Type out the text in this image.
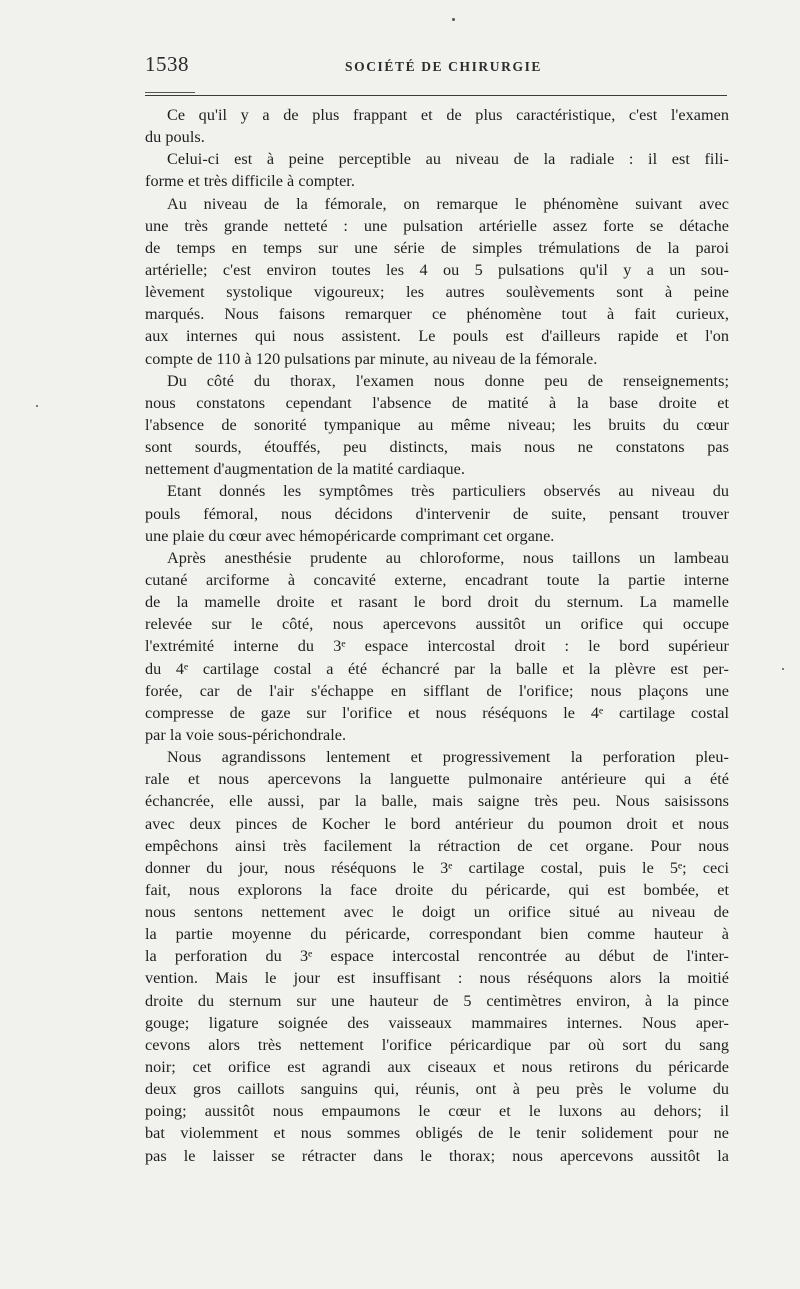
1538	SOCIÉTÉ DE CHIRURGIE
Ce qu'il y a de plus frappant et de plus caractéristique, c'est l'examen
du pouls.
Celui-ci est à peine perceptible au niveau de la radiale : il est fili-
forme et très difficile à compter.
Au niveau de la fémorale, on remarque le phénomène suivant avec
une très grande netteté : une pulsation artérielle assez forte se détache
de temps en temps sur une série de simples trémulations de la paroi
artérielle; c'est environ toutes les 4 ou 5 pulsations qu'il y a un sou-
lèvement systolique vigoureux; les autres soulèvements sont à peine
marqués. Nous faisons remarquer ce phénomène tout à fait curieux,
aux internes qui nous assistent. Le pouls est d'ailleurs rapide et l'on
compte de 110 à 120 pulsations par minute, au niveau de la fémorale.
Du côté du thorax, l'examen nous donne peu de renseignements;
nous constatons cependant l'absence de matité à la base droite et
l'absence de sonorité tympanique au même niveau; les bruits du cœur
sont sourds, étouffés, peu distincts, mais nous ne constatons pas
nettement d'augmentation de la matité cardiaque.
Etant donnés les symptômes très particuliers observés au niveau du
pouls fémoral, nous décidons d'intervenir de suite, pensant trouver
une plaie du cœur avec hémopéricarde comprimant cet organe.
Après anesthésie prudente au chloroforme, nous taillons un lambeau
cutané arciforme à concavité externe, encadrant toute la partie interne
de la mamelle droite et rasant le bord droit du sternum. La mamelle
relevée sur le côté, nous apercevons aussitôt un orifice qui occupe
l'extrémité interne du 3ᵉ espace intercostal droit : le bord supérieur
du 4ᵉ cartilage costal a été échancré par la balle et la plèvre est per-
forée, car de l'air s'échappe en sifflant de l'orifice; nous plaçons une
compresse de gaze sur l'orifice et nous réséquons le 4ᵉ cartilage costal
par la voie sous-périchondrale.
Nous agrandissons lentement et progressivement la perforation pleu-
rale et nous apercevons la languette pulmonaire antérieure qui a été
échancrée, elle aussi, par la balle, mais saigne très peu. Nous saisissons
avec deux pinces de Kocher le bord antérieur du poumon droit et nous
empêchons ainsi très facilement la rétraction de cet organe. Pour nous
donner du jour, nous réséquons le 3ᵉ cartilage costal, puis le 5ᵉ; ceci
fait, nous explorons la face droite du péricarde, qui est bombée, et
nous sentons nettement avec le doigt un orifice situé au niveau de
la partie moyenne du péricarde, correspondant bien comme hauteur à
la perforation du 3ᵉ espace intercostal rencontrée au début de l'inter-
vention. Mais le jour est insuffisant : nous réséquons alors la moitié
droite du sternum sur une hauteur de 5 centimètres environ, à la pince
gouge; ligature soignée des vaisseaux mammaires internes. Nous aper-
cevons alors très nettement l'orifice péricardique par où sort du sang
noir; cet orifice est agrandi aux ciseaux et nous retirons du péricarde
deux gros caillots sanguins qui, réunis, ont à peu près le volume du
poing; aussitôt nous empaumons le cœur et le luxons au dehors; il
bat violemment et nous sommes obligés de le tenir solidement pour ne
pas le laisser se rétracter dans le thorax; nous apercevons aussitôt la
